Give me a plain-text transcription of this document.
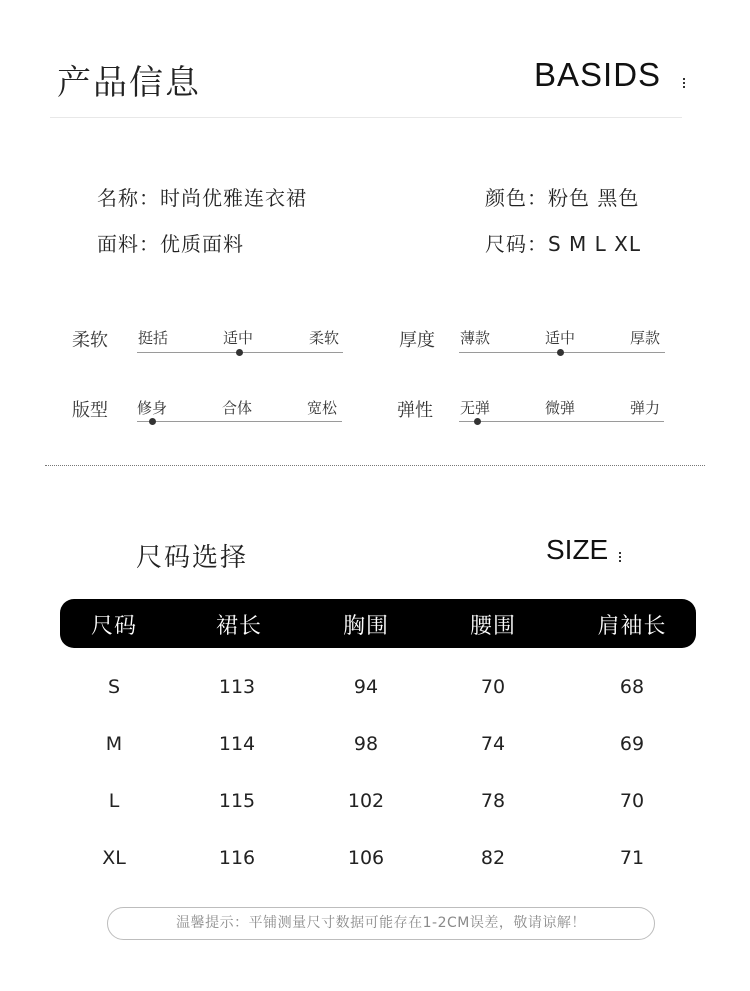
产品信息	BASIDS
名称：时尚优雅连衣裙
面料：优质面料
颜色：粉色 黑色
尺码：S M L XL
柔软 挺括	适中	柔软	厚度 薄款	适中	厚款
版型 修身	合体	宽松	弹性 无弹	微弹	弹力
尺码选择	SIZE
尺码	裙长	胸围	腰围	肩袖长
S	113	94	70	68
M	114	98	74	69
L	115	102	78	70
XL	116	106	82	71
温馨提示：平铺测量尺寸数据可能存在1-2CM误差，敬请谅解！
